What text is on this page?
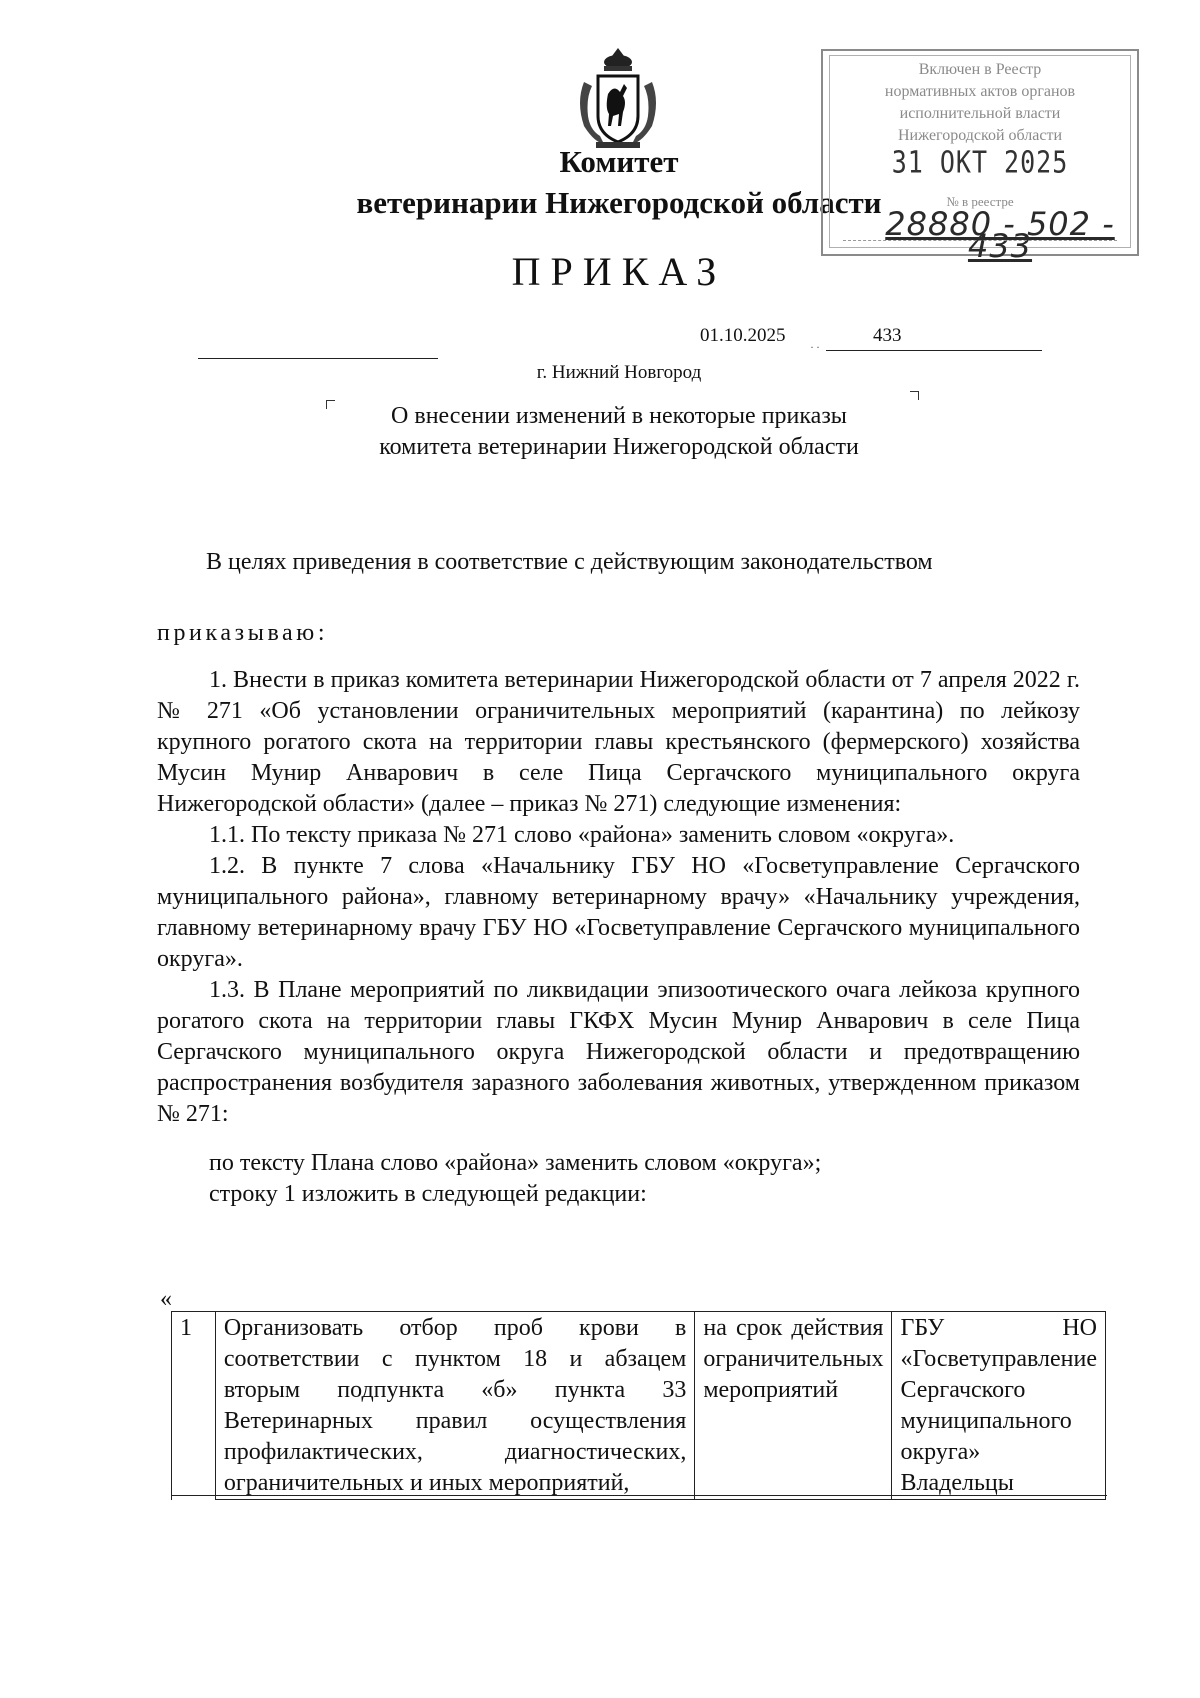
Комитет
ветеринарии Нижегородской области
ПРИКАЗ
01.10.2025
··
433
г. Нижний Новгород
О внесении изменений в некоторые приказы
комитета ветеринарии Нижегородской области
Включен в Реестр
нормативных актов органов
исполнительной власти
Нижегородской области
31 ОКТ 2025
№ в реестре
28880 - 502 - 433
В целях приведения в соответствие с действующим законодательством
приказываю:

1. Внести в приказ комитета ветеринарии Нижегородской области от 7 апреля 2022 г. № 271 «Об установлении ограничительных мероприятий (карантина) по лейкозу крупного рогатого скота на территории главы крестьянского (фермерского) хозяйства Мусин Мунир Анварович в селе Пица Сергачского муниципального округа Нижегородской области» (далее – приказ № 271) следующие изменения:

1.1. По тексту приказа № 271 слово «района» заменить словом «округа».

1.2. В пункте 7 слова «Начальнику ГБУ НО «Госветуправление Сергачского муниципального района», главному ветеринарному врачу» «Начальнику учреждения, главному ветеринарному врачу ГБУ НО «Госветуправление Сергачского муниципального округа».

1.3. В Плане мероприятий по ликвидации эпизоотического очага лейкоза крупного рогатого скота на территории главы ГКФХ Мусин Мунир Анварович в селе Пица Сергачского муниципального округа Нижегородской области и предотвращению распространения возбудителя заразного заболевания животных, утвержденном приказом № 271:

по тексту Плана слово «района» заменить словом «округа»;

строку 1 изложить в следующей редакции:

«
1	Организовать отбор проб крови в соответствии с пунктом 18 и абзацем вторым подпункта «б» пункта 33 Ветеринарных правил осуществления профилактических, диагностических, ограничительных и иных мероприятий,	на срок действия ограничительных мероприятий	ГБУ НО «Госветуправление Сергачского муниципального округа» Владельцы
